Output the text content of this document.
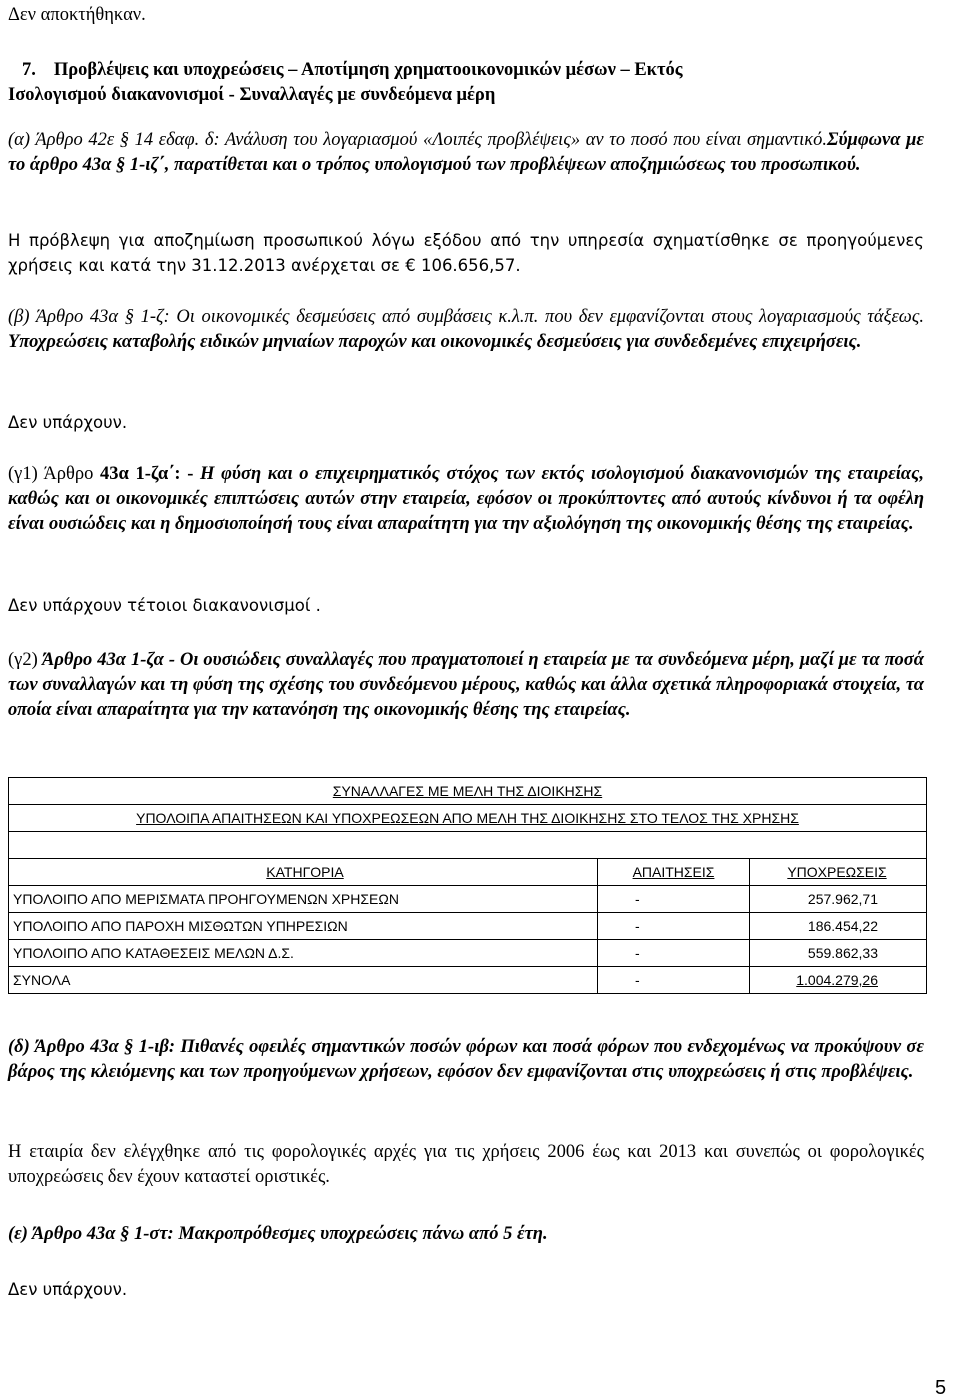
Δεν αποκτήθηκαν.
7. Προβλέψεις και υποχρεώσεις – Αποτίμηση χρηματοοικονομικών μέσων – Εκτός
Ισολογισμού διακανονισμοί - Συναλλαγές με συνδεόμενα μέρη
(α) Άρθρο 42ε § 14 εδαφ. δ: Ανάλυση του λογαριασμού «Λοιπές προβλέψεις» αν το ποσό που είναι σημαντικό.Σύμφωνα με το άρθρο 43α § 1-ιζ΄, παρατίθεται και ο τρόπος υπολογισμού των προβλέψεων αποζημιώσεως του προσωπικού.
Η πρόβλεψη για αποζημίωση προσωπικού λόγω εξόδου από την υπηρεσία σχηματίσθηκε σε προηγούμενες χρήσεις και κατά την 31.12.2013 ανέρχεται σε € 106.656,57.
(β) Άρθρο 43α § 1-ζ: Οι οικονομικές δεσμεύσεις από συμβάσεις κ.λ.π. που δεν εμφανίζονται στους λογαριασμούς τάξεως. Υποχρεώσεις καταβολής ειδικών μηνιαίων παροχών και οικονομικές δεσμεύσεις για συνδεδεμένες επιχειρήσεις.
Δεν υπάρχουν.
(γ1) Άρθρο 43α 1-ζα΄: - Η φύση και ο επιχειρηματικός στόχος των εκτός ισολογισμού διακανονισμών της εταιρείας, καθώς και οι οικονομικές επιπτώσεις αυτών στην εταιρεία, εφόσον οι προκύπτοντες από αυτούς κίνδυνοι ή τα οφέλη είναι ουσιώδεις και η δημοσιοποίησή τους είναι απαραίτητη για την αξιολόγηση της οικονομικής θέσης της εταιρείας.
Δεν υπάρχουν τέτοιοι διακανονισμοί .
(γ2) Άρθρο 43α 1-ζα - Οι ουσιώδεις συναλλαγές που πραγματοποιεί η εταιρεία με τα συνδεόμενα μέρη, μαζί με τα ποσά των συναλλαγών και τη φύση της σχέσης του συνδεόμενου μέρους, καθώς και άλλα σχετικά πληροφοριακά στοιχεία, τα οποία είναι απαραίτητα για την κατανόηση της οικονομικής θέσης της εταιρείας.
ΣΥΝΑΛΛΑΓΕΣ ΜΕ ΜΕΛΗ ΤΗΣ ΔΙΟΙΚΗΣΗΣ
ΥΠΟΛΟΙΠΑ ΑΠΑΙΤΗΣΕΩΝ ΚΑΙ ΥΠΟΧΡΕΩΣΕΩΝ ΑΠΟ ΜΕΛΗ ΤΗΣ ΔΙΟΙΚΗΣΗΣ ΣΤΟ ΤΕΛΟΣ ΤΗΣ ΧΡΗΣΗΣ
ΚΑΤΗΓΟΡΙΑ	ΑΠΑΙΤΗΣΕΙΣ	ΥΠΟΧΡΕΩΣΕΙΣ
ΥΠΟΛΟΙΠΟ ΑΠΟ ΜΕΡΙΣΜΑΤΑ ΠΡΟΗΓΟΥΜΕΝΩΝ ΧΡΗΣΕΩΝ	-	257.962,71
ΥΠΟΛΟΙΠΟ ΑΠΟ ΠΑΡΟΧΗ ΜΙΣΘΩΤΩΝ ΥΠΗΡΕΣΙΩΝ	-	186.454,22
ΥΠΟΛΟΙΠΟ ΑΠΟ ΚΑΤΑΘΕΣΕΙΣ ΜΕΛΩΝ Δ.Σ.	-	559.862,33
ΣΥΝΟΛΑ	-	1.004.279,26
(δ) Άρθρο 43α § 1-ιβ: Πιθανές οφειλές σημαντικών ποσών φόρων και ποσά φόρων που ενδεχομένως να προκύψουν σε βάρος της κλειόμενης και των προηγούμενων χρήσεων, εφόσον δεν εμφανίζονται στις υποχρεώσεις ή στις προβλέψεις.
Η εταιρία δεν ελέγχθηκε από τις φορολογικές αρχές για τις χρήσεις 2006 έως και 2013 και συνεπώς οι φορολογικές υποχρεώσεις δεν έχουν καταστεί οριστικές.
(ε) Άρθρο 43α § 1-στ: Μακροπρόθεσμες υποχρεώσεις πάνω από 5 έτη.
Δεν υπάρχουν.
5
